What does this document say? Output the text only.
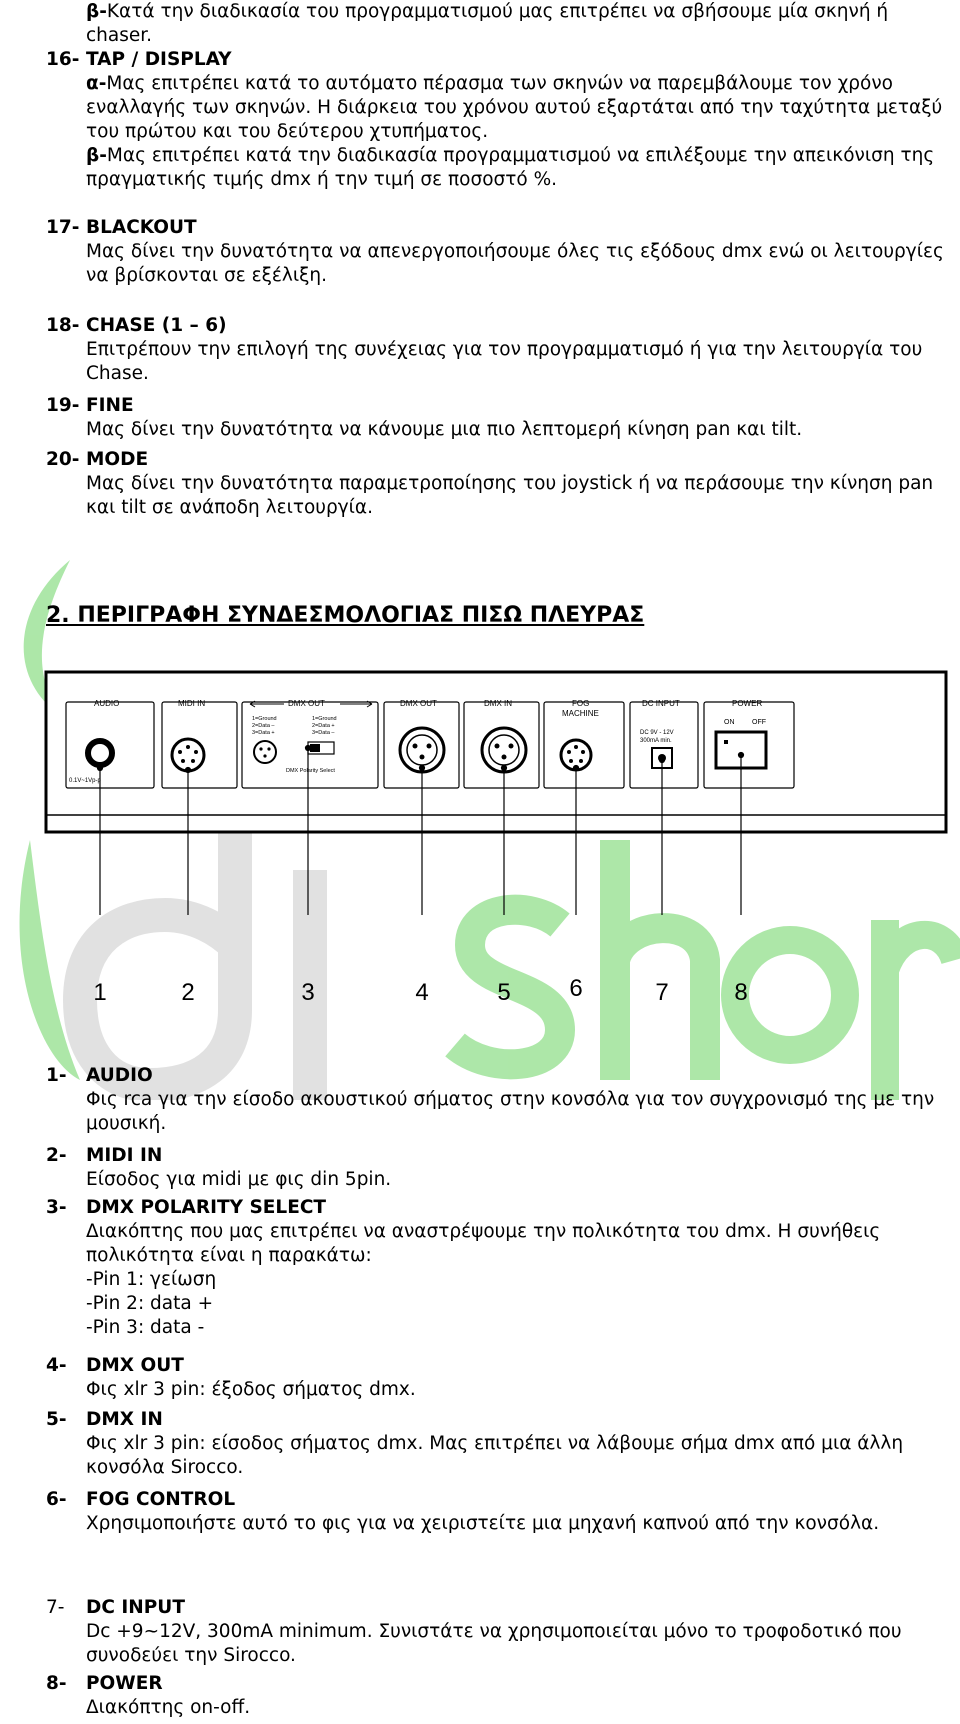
β-Κατά την διαδικασία του προγραμματισμού μας επιτρέπει να σβήσουμε μία σκηνή ή chaser.
16- TAP / DISPLAY
α-Μας επιτρέπει κατά το αυτόματο πέρασμα των σκηνών να παρεμβάλουμε τον χρόνο εναλλαγής των σκηνών. Η διάρκεια του χρόνου αυτού εξαρτάται από την ταχύτητα μεταξύ του πρώτου και του δεύτερου χτυπήματος.
β-Μας επιτρέπει κατά την διαδικασία προγραμματισμού να επιλέξουμε την απεικόνιση της πραγματικής τιμής dmx ή την τιμή σε ποσοστό %.
17- BLACKOUT
Μας δίνει την δυνατότητα να απενεργοποιήσουμε όλες τις εξόδους dmx ενώ οι λειτουργίες να βρίσκονται σε εξέλιξη.
18- CHASE (1 – 6)
Επιτρέπουν την επιλογή της συνέχειας για τον προγραμματισμό ή για την λειτουργία του Chase.
19- FINE
Μας δίνει την δυνατότητα να κάνουμε μια πιο λεπτομερή κίνηση pan και tilt.
20- MODE
Μας δίνει την δυνατότητα παραμετροποίησης του joystick ή να περάσουμε την κίνηση pan και tilt σε ανάποδη λειτουργία.
2. ΠΕΡΙΓΡΑΦΗ ΣΥΝΔΕΣΜΟΛΟΓΙΑΣ ΠΙΣΩ ΠΛΕΥΡΑΣ
AUDIO
0.1V~1Vp-p
MIDI IN	DMX OUT
1=Ground
2=Data –
3=Data +
1=Ground
2=Data +
3=Data –
DMX Polarity Select
DMX OUT	DMX IN	FOG
MACHINE
DC INPUT
DC 9V - 12V
300mA min.
POWER
ON	OFF
1	2	3	4	5 6	7	8
1-	AUDIO
Φις rca για την είσοδο ακουστικού σήματος στην κονσόλα για τον συγχρονισμό της με την μουσική.
2-	MIDI IN
Είσοδος για midi με φις din 5pin.
3-	DMX POLARITY SELECT
Διακόπτης που μας επιτρέπει να αναστρέψουμε την πολικότητα του dmx. Η συνήθεις πολικότητα είναι η παρακάτω:
-Pin 1: γείωση
-Pin 2: data +
-Pin 3: data -
4-	DMX OUT
Φις xlr 3 pin: έξοδος σήματος dmx.
5-	DMX IN
Φις xlr 3 pin: είσοδος σήματος dmx. Μας επιτρέπει να λάβουμε σήμα dmx από μια άλλη κονσόλα Sirocco.
6-	FOG CONTROL
Χρησιμοποιήστε αυτό το φις για να χειριστείτε μια μηχανή καπνού από την κονσόλα.
7-	DC INPUT
Dc +9~12V, 300mA minimum. Συνιστάτε να χρησιμοποιείται μόνο το τροφοδοτικό που συνοδεύει την Sirocco.
8-	POWER
Διακόπτης on-off.
